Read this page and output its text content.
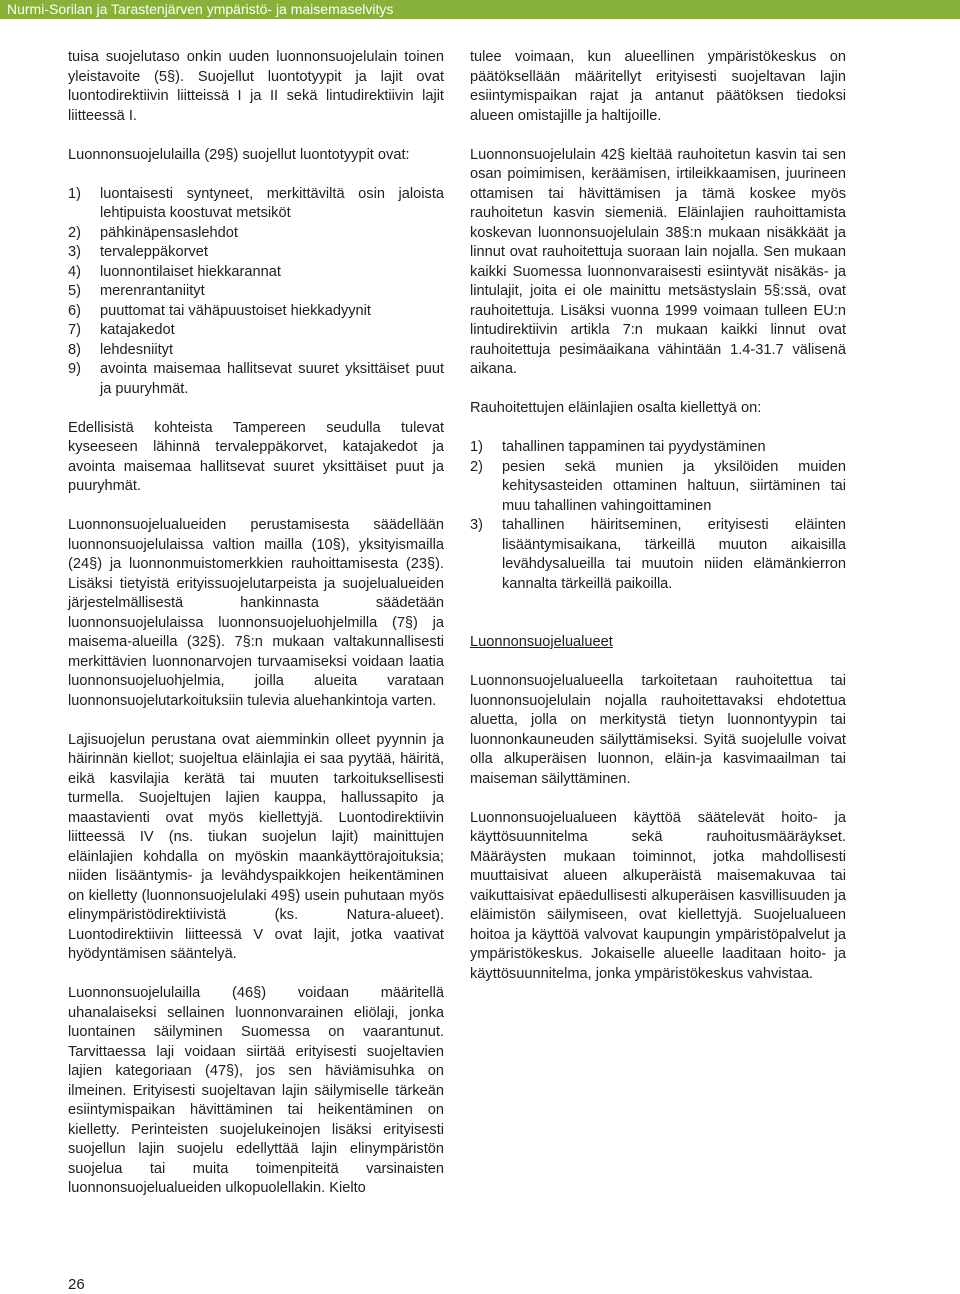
Nurmi-Sorilan ja Tarastenjärven ympäristö- ja maisemaselvitys

tuisa suojelutaso onkin uuden luonnonsuojelulain toinen yleistavoite (5§). Suojellut luontotyypit ja lajit ovat luontodirektiivin liitteissä I ja II sekä lintudirektiivin lajit liitteessä I.

Luonnonsuojelulailla (29§) suojellut luontotyypit ovat:

1) luontaisesti syntyneet, merkittäviltä osin jaloista lehtipuista koostuvat metsiköt
2) pähkinäpensaslehdot
3) tervaleppäkorvet
4) luonnontilaiset hiekkarannat
5) merenrantaniityt
6) puuttomat tai vähäpuustoiset hiekkadyynit
7) katajakedot
8) lehdesniityt
9) avointa maisemaa hallitsevat suuret yksittäiset puut ja puuryhmät.

Edellisistä kohteista Tampereen seudulla tulevat kyseeseen lähinnä tervaleppäkorvet, katajakedot ja avointa maisemaa hallitsevat suuret yksittäiset puut ja puuryhmät.

Luonnonsuojelualueiden perustamisesta säädellään luonnonsuojelulaissa valtion mailla (10§), yksityismailla (24§) ja luonnonmuistomerkkien rauhoittamisesta (23§). Lisäksi tietyistä erityissuojelutarpeista ja suojelualueiden järjestelmällisestä hankinnasta säädetään luonnonsuojelulaissa luonnonsuojeluohjelmilla (7§) ja maisema-alueilla (32§). 7§:n mukaan valtakunnallisesti merkittävien luonnonarvojen turvaamiseksi voidaan laatia luonnonsuojeluohjelmia, joilla alueita varataan luonnonsuojelutarkoituksiin tulevia aluehankintoja varten.

Lajisuojelun perustana ovat aiemminkin olleet pyynnin ja häirinnän kiellot; suojeltua eläinlajia ei saa pyytää, häiritä, eikä kasvilajia kerätä tai muuten tarkoituksellisesti turmella. Suojeltujen lajien kauppa, hallussapito ja maastavienti ovat myös kiellettyjä. Luontodirektiivin liitteessä IV (ns. tiukan suojelun lajit) mainittujen eläinlajien kohdalla on myöskin maankäyttörajoituksia; niiden lisääntymis- ja levähdyspaikkojen heikentäminen on kielletty (luonnonsuojelulaki 49§) usein puhutaan myös elinympäristödirektiivistä (ks. Natura-alueet). Luontodirektiivin liitteessä V ovat lajit, jotka vaativat hyödyntämisen sääntelyä.

Luonnonsuojelulailla (46§) voidaan määritellä uhanalaiseksi sellainen luonnonvarainen eliölaji, jonka luontainen säilyminen Suomessa on vaarantunut. Tarvittaessa laji voidaan siirtää erityisesti suojeltavien lajien kategoriaan (47§), jos sen häviämisuhka on ilmeinen. Erityisesti suojeltavan lajin säilymiselle tärkeän esiintymispaikan hävittäminen tai heikentäminen on kielletty. Perinteisten suojelukeinojen lisäksi erityisesti suojellun lajin suojelu edellyttää lajin elinympäristön suojelua tai muita toimenpiteitä varsinaisten luonnonsuojelualueiden ulkopuolellakin. Kielto

tulee voimaan, kun alueellinen ympäristökeskus on päätöksellään määritellyt erityisesti suojeltavan lajin esiintymispaikan rajat ja antanut päätöksen tiedoksi alueen omistajille ja haltijoille.

Luonnonsuojelulain 42§ kieltää rauhoitetun kasvin tai sen osan poimimisen, keräämisen, irtileikkaamisen, juurineen ottamisen tai hävittämisen ja tämä koskee myös rauhoitetun kasvin siemeniä. Eläinlajien rauhoittamista koskevan luonnonsuojelulain 38§:n mukaan nisäkkäät ja linnut ovat rauhoitettuja suoraan lain nojalla. Sen mukaan kaikki Suomessa luonnonvaraisesti esiintyvät nisäkäs- ja lintulajit, joita ei ole mainittu metsästyslain 5§:ssä, ovat rauhoitettuja. Lisäksi vuonna 1999 voimaan tulleen EU:n lintudirektiivin artikla 7:n mukaan kaikki linnut ovat rauhoitettuja pesimäaikana vähintään 1.4-31.7 välisenä aikana.

Rauhoitettujen eläinlajien osalta kiellettyä on:

1) tahallinen tappaminen tai pyydystäminen
2) pesien sekä munien ja yksilöiden muiden kehitysasteiden ottaminen haltuun, siirtäminen tai muu tahallinen vahingoittaminen
3) tahallinen häiritseminen, erityisesti eläinten lisääntymisaikana, tärkeillä muuton aikaisilla levähdysalueilla tai muutoin niiden elämänkierron kannalta tärkeillä paikoilla.

Luonnonsuojelualueet

Luonnonsuojelualueella tarkoitetaan rauhoitettua tai luonnonsuojelulain nojalla rauhoitettavaksi ehdotettua aluetta, jolla on merkitystä tietyn luonnontyypin tai luonnonkauneuden säilyttämiseksi. Syitä suojelulle voivat olla alkuperäisen luonnon, eläin-ja kasvimaailman tai maiseman säilyttäminen.

Luonnonsuojelualueen käyttöä säätelevät hoito- ja käyttösuunnitelma sekä rauhoitusmääräykset. Määräysten mukaan toiminnot, jotka mahdollisesti muuttaisivat alueen alkuperäistä maisemakuvaa tai vaikuttaisivat epäedullisesti alkuperäisen kasvillisuuden ja eläimistön säilymiseen, ovat kiellettyjä. Suojelualueen hoitoa ja käyttöä valvovat kaupungin ympäristöpalvelut ja ympäristökeskus. Jokaiselle alueelle laaditaan hoito- ja käyttösuunnitelma, jonka ympäristökeskus vahvistaa.

26
